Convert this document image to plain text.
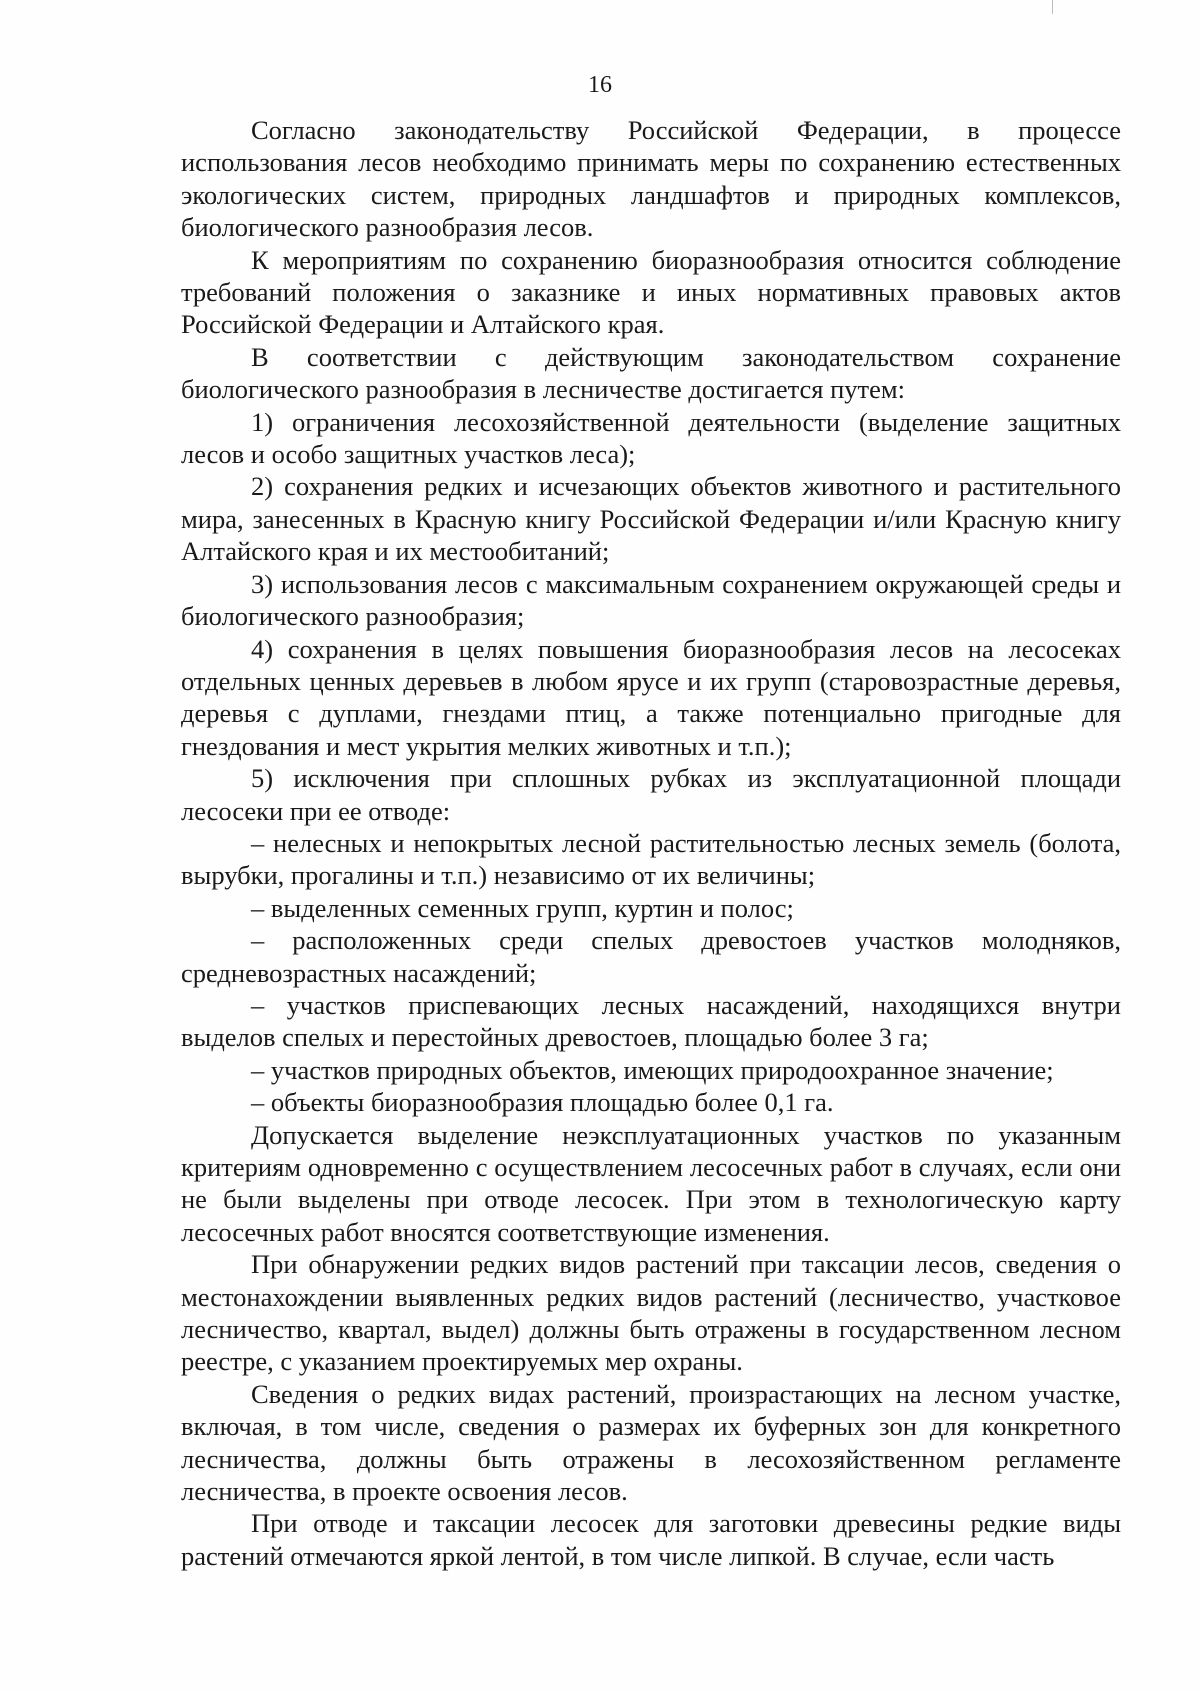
16

Согласно законодательству Российской Федерации, в процессе использования лесов необходимо принимать меры по сохранению естественных экологических систем, природных ландшафтов и природных комплексов, биологического разнообразия лесов.

К мероприятиям по сохранению биоразнообразия относится соблюдение требований положения о заказнике и иных нормативных правовых актов Российской Федерации и Алтайского края.

В соответствии с действующим законодательством сохранение биологического разнообразия в лесничестве достигается путем:

1) ограничения лесохозяйственной деятельности (выделение защитных лесов и особо защитных участков леса);

2) сохранения редких и исчезающих объектов животного и растительного мира, занесенных в Красную книгу Российской Федерации и/или Красную книгу Алтайского края и их местообитаний;

3) использования лесов с максимальным сохранением окружающей среды и биологического разнообразия;

4) сохранения в целях повышения биоразнообразия лесов на лесосеках отдельных ценных деревьев в любом ярусе и их групп (старовозрастные деревья, деревья с дуплами, гнездами птиц, а также потенциально пригодные для гнездования и мест укрытия мелких животных и т.п.);

5) исключения при сплошных рубках из эксплуатационной площади лесосеки при ее отводе:

– нелесных и непокрытых лесной растительностью лесных земель (болота, вырубки, прогалины и т.п.) независимо от их величины;

– выделенных семенных групп, куртин и полос;

– расположенных среди спелых древостоев участков молодняков, средневозрастных насаждений;

– участков приспевающих лесных насаждений, находящихся внутри выделов спелых и перестойных древостоев, площадью более 3 га;

– участков природных объектов, имеющих природоохранное значение;

– объекты биоразнообразия площадью более 0,1 га.

Допускается выделение неэксплуатационных участков по указанным критериям одновременно с осуществлением лесосечных работ в случаях, если они не были выделены при отводе лесосек. При этом в технологическую карту лесосечных работ вносятся соответствующие изменения.

При обнаружении редких видов растений при таксации лесов, сведения о местонахождении выявленных редких видов растений (лесничество, участковое лесничество, квартал, выдел) должны быть отражены в государственном лесном реестре, с указанием проектируемых мер охраны.

Сведения о редких видах растений, произрастающих на лесном участке, включая, в том числе, сведения о размерах их буферных зон для конкретного лесничества, должны быть отражены в лесохозяйственном регламенте лесничества, в проекте освоения лесов.

При отводе и таксации лесосек для заготовки древесины редкие виды растений отмечаются яркой лентой, в том числе липкой. В случае, если часть
